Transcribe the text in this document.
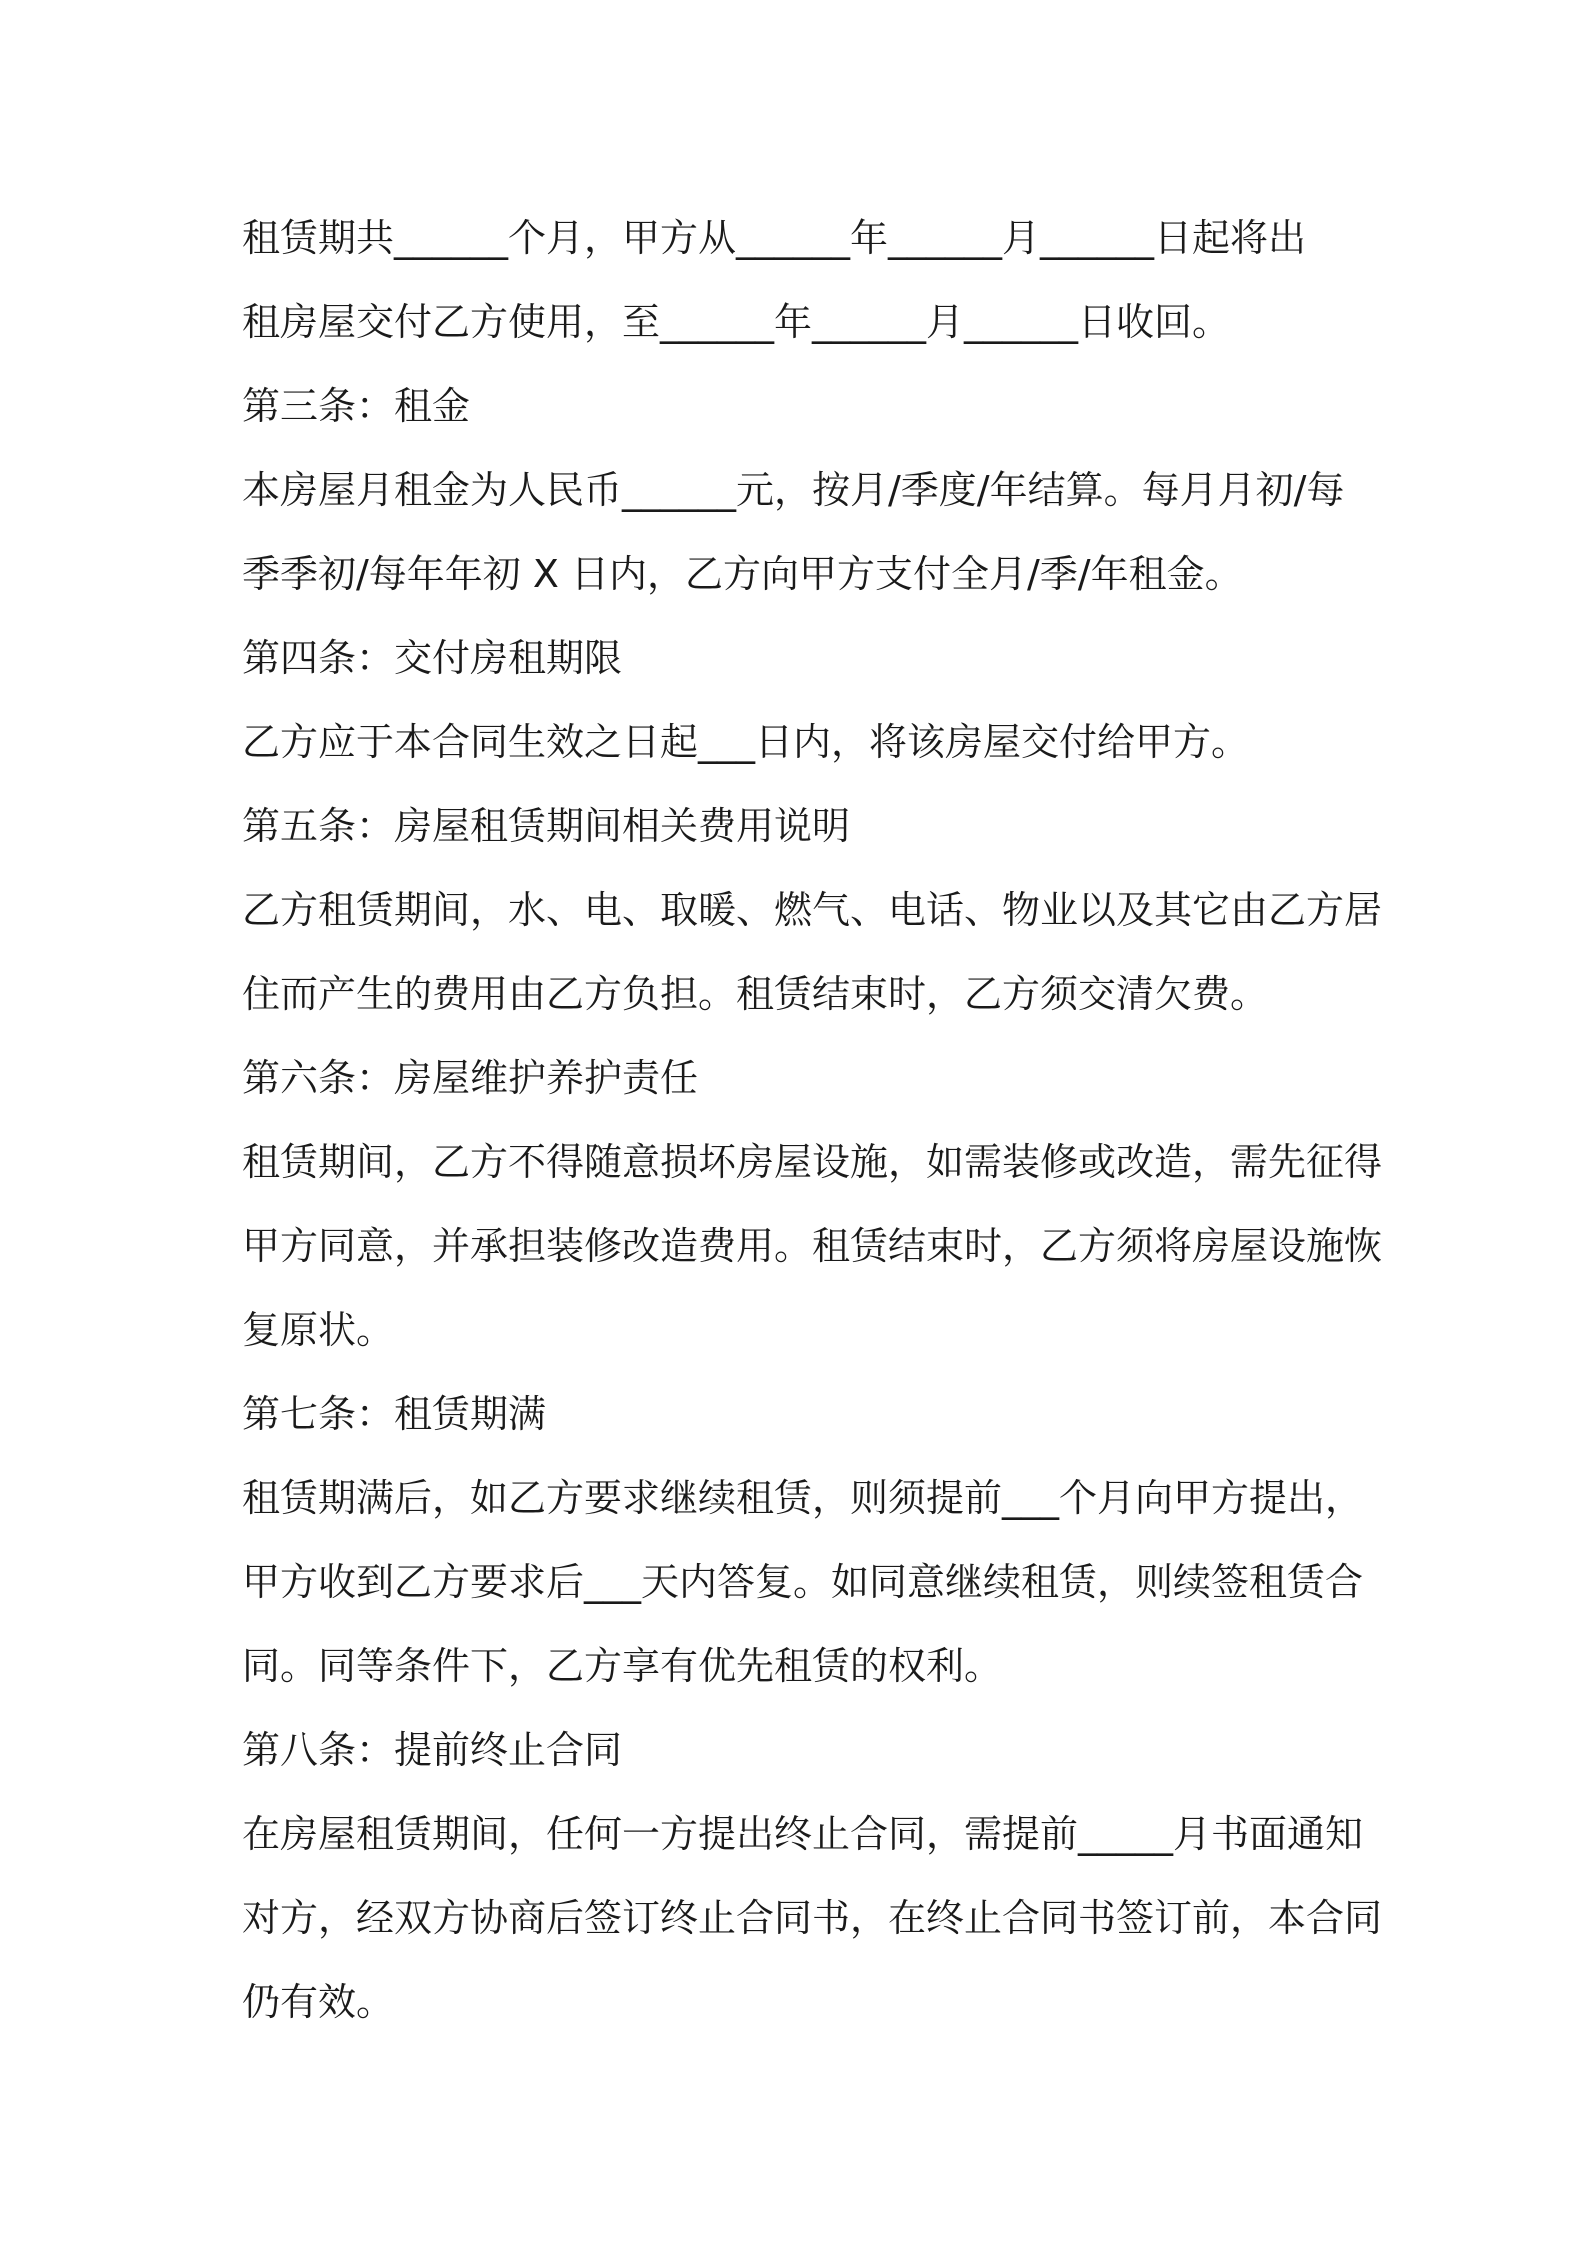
租赁期共______个月，甲方从______年______月______日起将出
租房屋交付乙方使用，至______年______月______日收回。
第三条：租金
本房屋月租金为人民币______元，按月/季度/年结算。每月月初/每
季季初/每年年初 X 日内，乙方向甲方支付全月/季/年租金。
第四条：交付房租期限
乙方应于本合同生效之日起___日内，将该房屋交付给甲方。
第五条：房屋租赁期间相关费用说明
乙方租赁期间，水、电、取暖、燃气、电话、物业以及其它由乙方居
住而产生的费用由乙方负担。租赁结束时，乙方须交清欠费。
第六条：房屋维护养护责任
租赁期间，乙方不得随意损坏房屋设施，如需装修或改造，需先征得
甲方同意，并承担装修改造费用。租赁结束时，乙方须将房屋设施恢
复原状。
第七条：租赁期满
租赁期满后，如乙方要求继续租赁，则须提前___个月向甲方提出，
甲方收到乙方要求后___天内答复。如同意继续租赁，则续签租赁合
同。同等条件下，乙方享有优先租赁的权利。
第八条：提前终止合同
在房屋租赁期间，任何一方提出终止合同，需提前_____月书面通知
对方，经双方协商后签订终止合同书，在终止合同书签订前，本合同
仍有效。
